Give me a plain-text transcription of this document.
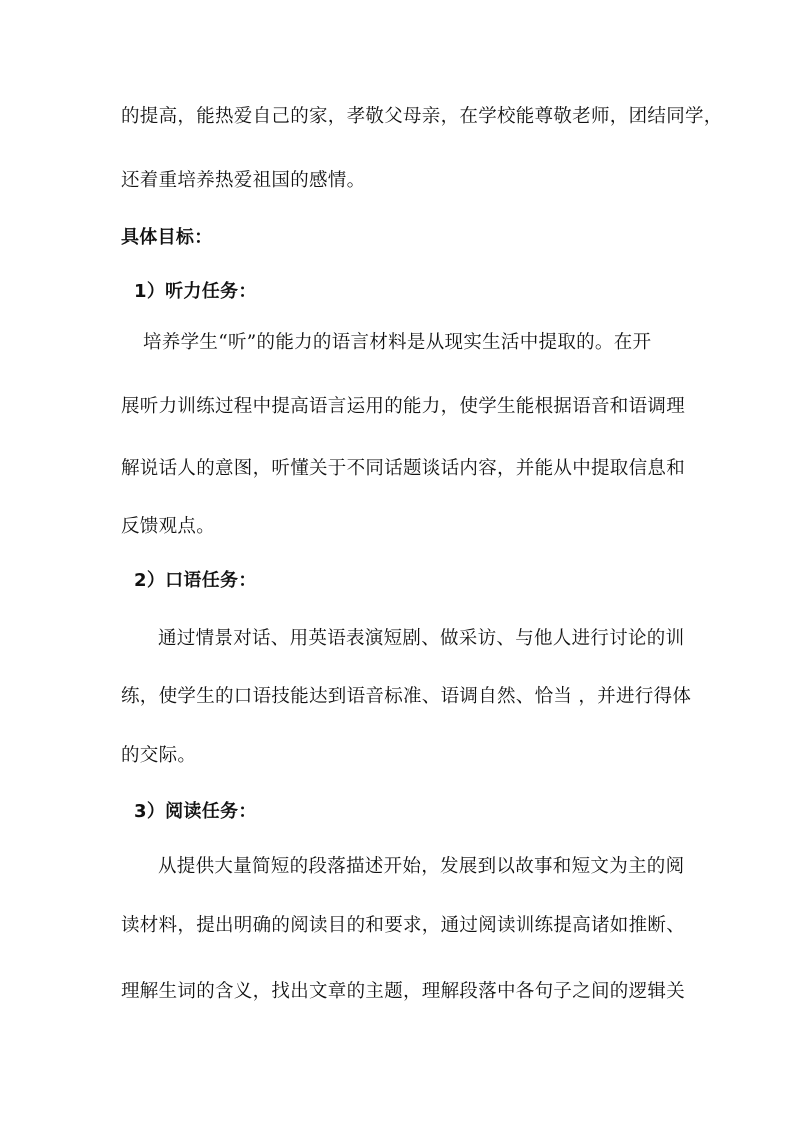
的提高，能热爱自己的家，孝敬父母亲，在学校能尊敬老师，团结同学，
还着重培养热爱祖国的感情。
具体目标：
1）听力任务：
培养学生“听”的能力的语言材料是从现实生活中提取的。在开
展听力训练过程中提高语言运用的能力，使学生能根据语音和语调理
解说话人的意图，听懂关于不同话题谈话内容，并能从中提取信息和
反馈观点。
2）口语任务：
通过情景对话、用英语表演短剧、做采访、与他人进行讨论的训
练，使学生的口语技能达到语音标准、语调自然、恰当 ，并进行得体
的交际。
3）阅读任务：
从提供大量简短的段落描述开始，发展到以故事和短文为主的阅
读材料，提出明确的阅读目的和要求，通过阅读训练提高诸如推断、
理解生词的含义，找出文章的主题，理解段落中各句子之间的逻辑关
